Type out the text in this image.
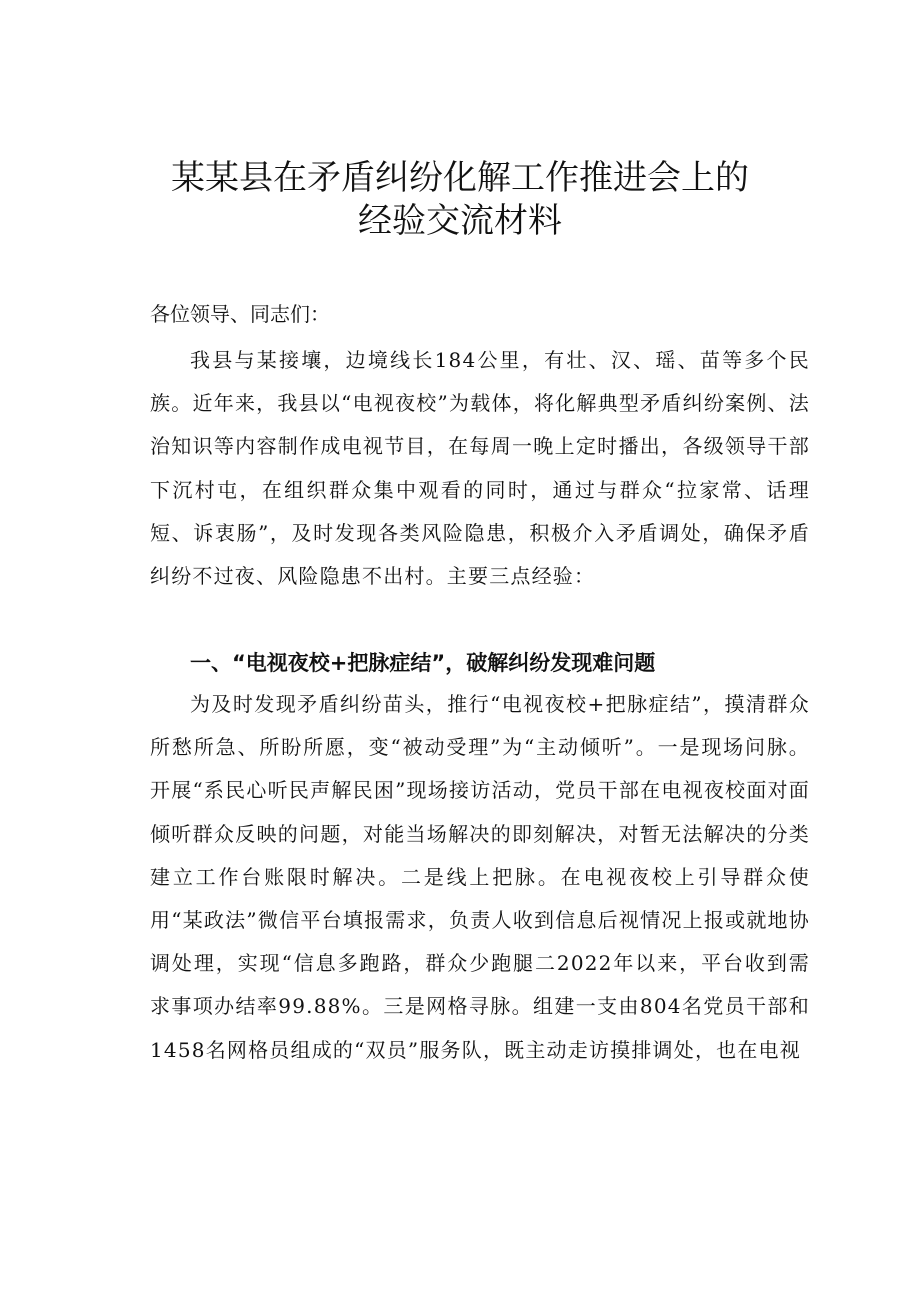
某某县在矛盾纠纷化解工作推进会上的
经验交流材料

各位领导、同志们：

我县与某接壤，边境线长184公里，有壮、汉、瑶、苗等多个民族。近年来，我县以“电视夜校”为载体，将化解典型矛盾纠纷案例、法治知识等内容制作成电视节目，在每周一晚上定时播出，各级领导干部下沉村屯，在组织群众集中观看的同时，通过与群众“拉家常、话理短、诉衷肠”，及时发现各类风险隐患，积极介入矛盾调处，确保矛盾纠纷不过夜、风险隐患不出村。主要三点经验：

一、“电视夜校+把脉症结”，破解纠纷发现难问题

为及时发现矛盾纠纷苗头，推行“电视夜校+把脉症结”，摸清群众所愁所急、所盼所愿，变“被动受理”为“主动倾听”。一是现场问脉。开展“系民心听民声解民困”现场接访活动，党员干部在电视夜校面对面倾听群众反映的问题，对能当场解决的即刻解决，对暂无法解决的分类建立工作台账限时解决。二是线上把脉。在电视夜校上引导群众使用“某政法”微信平台填报需求，负责人收到信息后视情况上报或就地协调处理，实现“信息多跑路，群众少跑腿二2022年以来，平台收到需求事项办结率99.88%。三是网格寻脉。组建一支由804名党员干部和1458名网格员组成的“双员”服务队，既主动走访摸排调处，也在电视
